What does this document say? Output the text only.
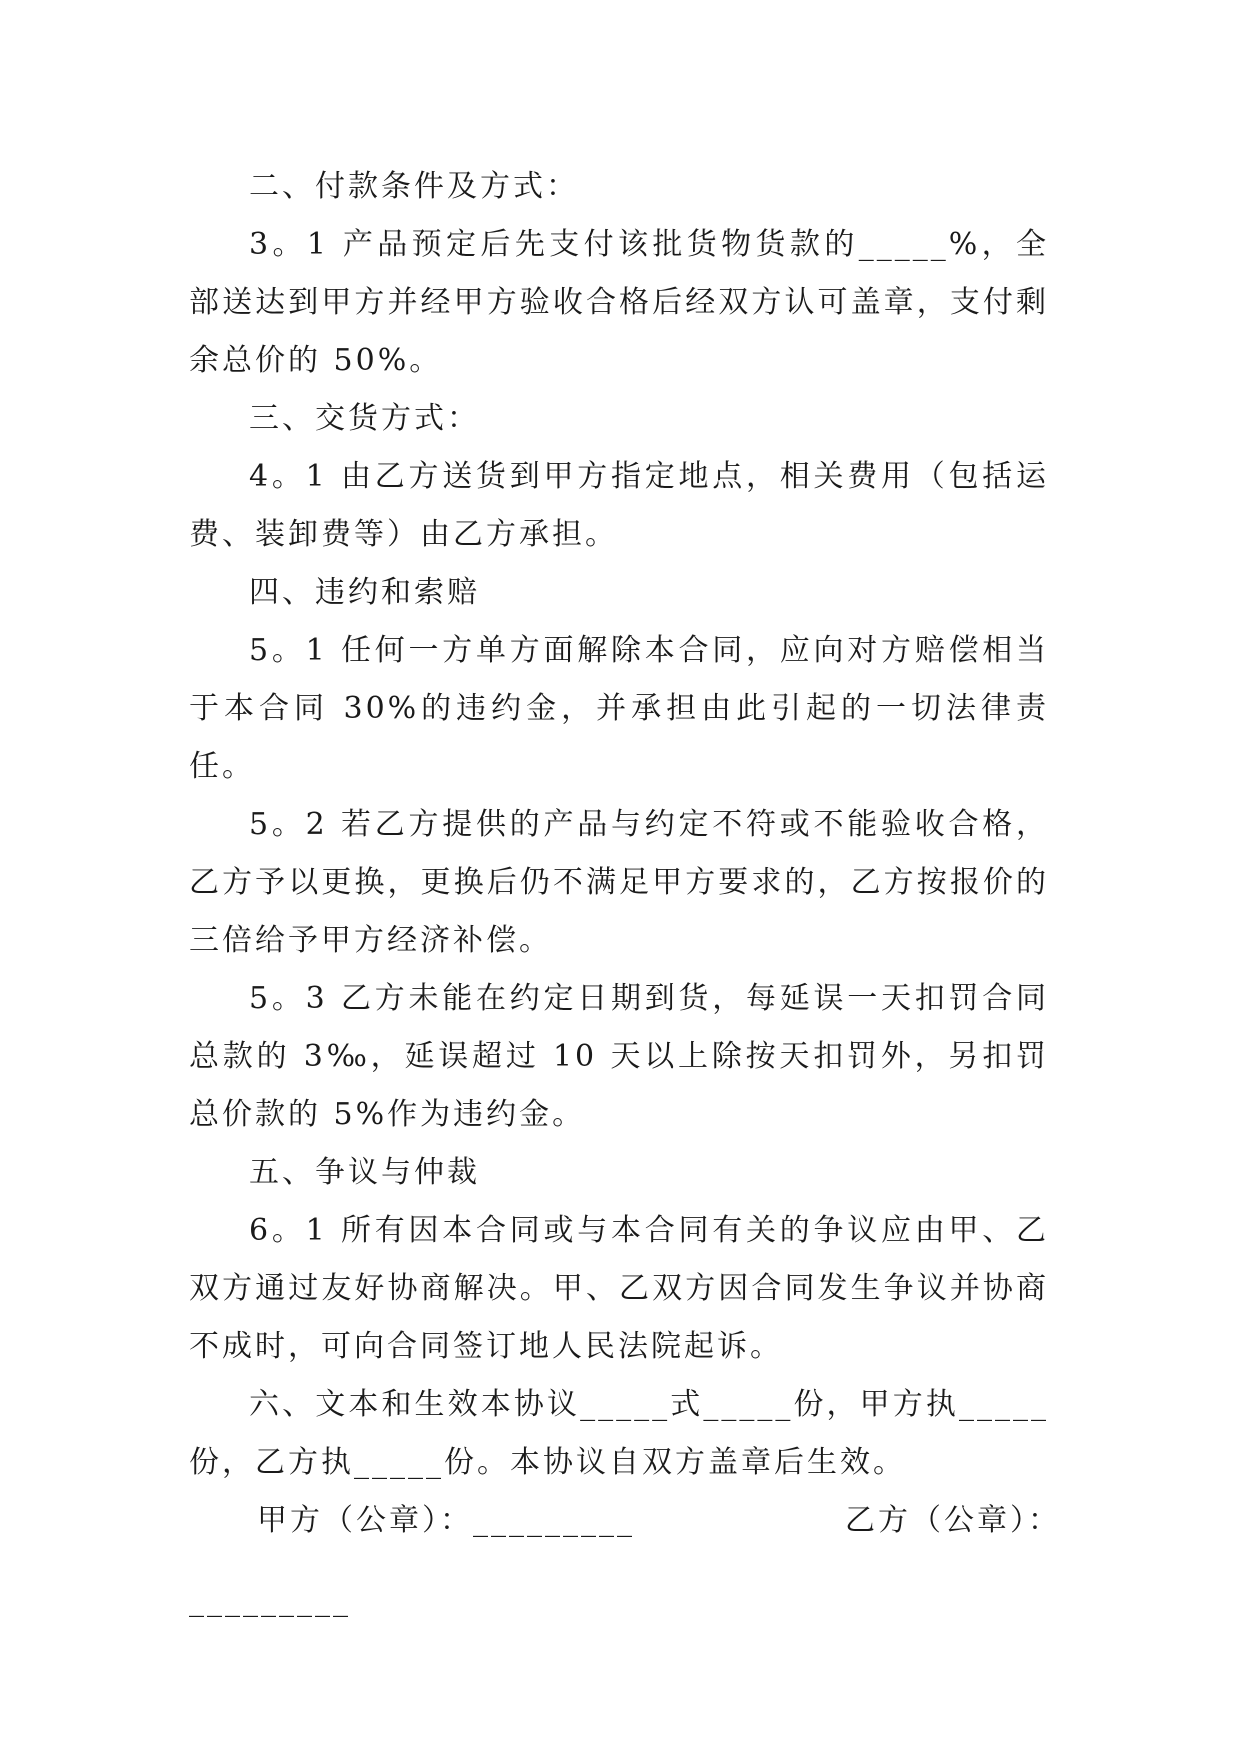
二、付款条件及方式：

3。1 产品预定后先支付该批货物货款的_____%，全部送达到甲方并经甲方验收合格后经双方认可盖章，支付剩余总价的 50%。

三、交货方式：

4。1 由乙方送货到甲方指定地点，相关费用（包括运费、装卸费等）由乙方承担。

四、违约和索赔

5。1 任何一方单方面解除本合同，应向对方赔偿相当于本合同 30%的违约金，并承担由此引起的一切法律责任。

5。2 若乙方提供的产品与约定不符或不能验收合格，乙方予以更换，更换后仍不满足甲方要求的，乙方按报价的三倍给予甲方经济补偿。

5。3 乙方未能在约定日期到货，每延误一天扣罚合同总款的 3‰，延误超过 10 天以上除按天扣罚外，另扣罚总价款的 5%作为违约金。

五、争议与仲裁

6。1 所有因本合同或与本合同有关的争议应由甲、乙双方通过友好协商解决。甲、乙双方因合同发生争议并协商不成时，可向合同签订地人民法院起诉。

六、文本和生效本协议_____式_____份，甲方执_____份，乙方执_____份。本协议自双方盖章后生效。

甲方（公章）：_________	乙方（公章）：
_________
